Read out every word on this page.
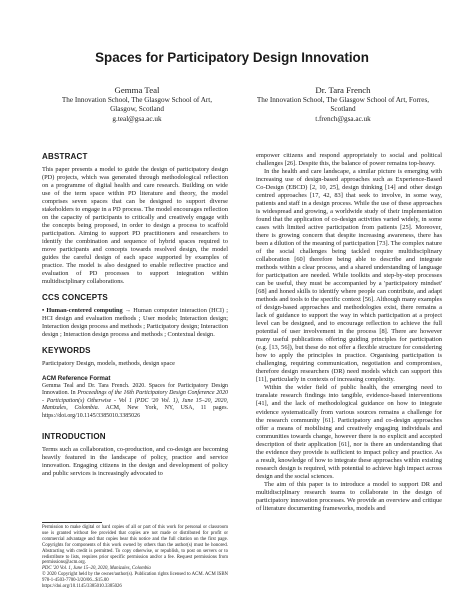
Spaces for Participatory Design Innovation
Gemma Teal
The Innovation School, The Glasgow School of Art,
Glasgow, Scotland
g.teal@gsa.ac.uk
Dr. Tara French
The Innovation School, The Glasgow School of Art, Forres,
Scotland
t.french@gsa.ac.uk
ABSTRACT

This paper presents a model to guide the design of participatory design (PD) projects, which was generated through methodological reflection on a programme of digital health and care research. Building on wide use of the term space within PD literature and theory, the model comprises seven spaces that can be designed to support diverse stakeholders to engage in a PD process. The model encourages reflection on the capacity of participants to critically and creatively engage with the concepts being proposed, in order to design a process to scaffold participation. Aiming to support PD practitioners and researchers to identify the combination and sequence of hybrid spaces required to move participants and concepts towards resolved design, the model guides the careful design of each space supported by examples of practice. The model is also designed to enable reflective practice and evaluation of PD processes to support integration within multidisciplinary collaborations.

CCS CONCEPTS

• Human-centered computing → Human computer interaction (HCI) ; HCI design and evaluation methods ; User models; Interaction design; Interaction design process and methods ; Participatory design; Interaction design ; Interaction design process and methods ; Contextual design.

KEYWORDS

Participatory Design, models, methods, design space

ACM Reference Format

Gemma Teal and Dr. Tara French. 2020. Spaces for Participatory Design Innovation. In Proceedings of the 16th Participatory Design Conference 2020 - Participation(s) Otherwise - Vol 1 (PDC '20 Vol. 1), June 15–20, 2020, Manizales, Colombia. ACM, New York, NY, USA, 11 pages. https://doi.org/10.1145/3385010.3385026

INTRODUCTION

Terms such as collaboration, co-production, and co-design are becoming heavily featured in the landscape of policy, practice and service innovation. Engaging citizens in the design and development of policy and public services is increasingly advocated to

Permission to make digital or hard copies of all or part of this work for personal or classroom use is granted without fee provided that copies are not made or distributed for profit or commercial advantage and that copies bear this notice and the full citation on the first page. Copyrights for components of this work owned by others than the author(s) must be honored. Abstracting with credit is permitted. To copy otherwise, or republish, to post on servers or to redistribute to lists, requires prior specific permission and/or a fee. Request permissions from permissions@acm.org.
PDC '20 Vol. 1, June 15–20, 2020, Manizales, Colombia
© 2020 Copyright held by the owner/author(s). Publication rights licensed to ACM. ACM ISBN 978-1-4503-7700-3/20/06...$15.00
https://doi.org/10.1145/3385010.3385026

empower citizens and respond appropriately to social and political challenges [26]. Despite this, the balance of power remains top-heavy.

In the health and care landscape, a similar picture is emerging with increasing use of design-based approaches such as Experience-Based Co-Design (EBCD) [2, 10, 25], design thinking [14] and other design centred approaches [17, 42, 83] that seek to involve, in some way, patients and staff in a design process. While the use of these approaches is widespread and growing, a worldwide study of their implementation found that the application of co-design activities varied widely, in some cases with limited active participation from patients [25]. Moreover, there is growing concern that despite increasing awareness, there has been a dilution of the meaning of participation [73]. The complex nature of the social challenges being tackled require multidisciplinary collaboration [60] therefore being able to describe and integrate methods within a clear process, and a shared understanding of language for participation are needed. While toolkits and step-by-step processes can be useful, they must be accompanied by a 'participatory mindset' [68] and honed skills to identify where people can contribute, and adapt methods and tools to the specific context [56]. Although many examples of design-based approaches and methodologies exist, there remains a lack of guidance to support the way in which participation at a project level can be designed, and to encourage reflection to achieve the full potential of user involvement in the process [8]. There are however many useful publications offering guiding principles for participation (e.g. [13, 56]), but these do not offer a flexible structure for considering how to apply the principles in practice. Organising participation is challenging, requiring communication, negotiation and compromises, therefore design researchers (DR) need models which can support this [11], particularly in contexts of increasing complexity.

Within the wider field of public health, the emerging need to translate research findings into tangible, evidence-based interventions [41], and the lack of methodological guidance on how to integrate evidence systematically from various sources remains a challenge for the research community [61]. Participatory and co-design approaches offer a means of mobilising and creatively engaging individuals and communities towards change, however there is no explicit and accepted description of their application [61], nor is there an understanding that the evidence they provide is sufficient to impact policy and practice. As a result, knowledge of how to integrate these approaches within existing research design is required, with potential to achieve high impact across design and the social sciences.

The aim of this paper is to introduce a model to support DR and multidisciplinary research teams to collaborate in the design of participatory innovation processes. We provide an overview and critique of literature documenting frameworks, models and
